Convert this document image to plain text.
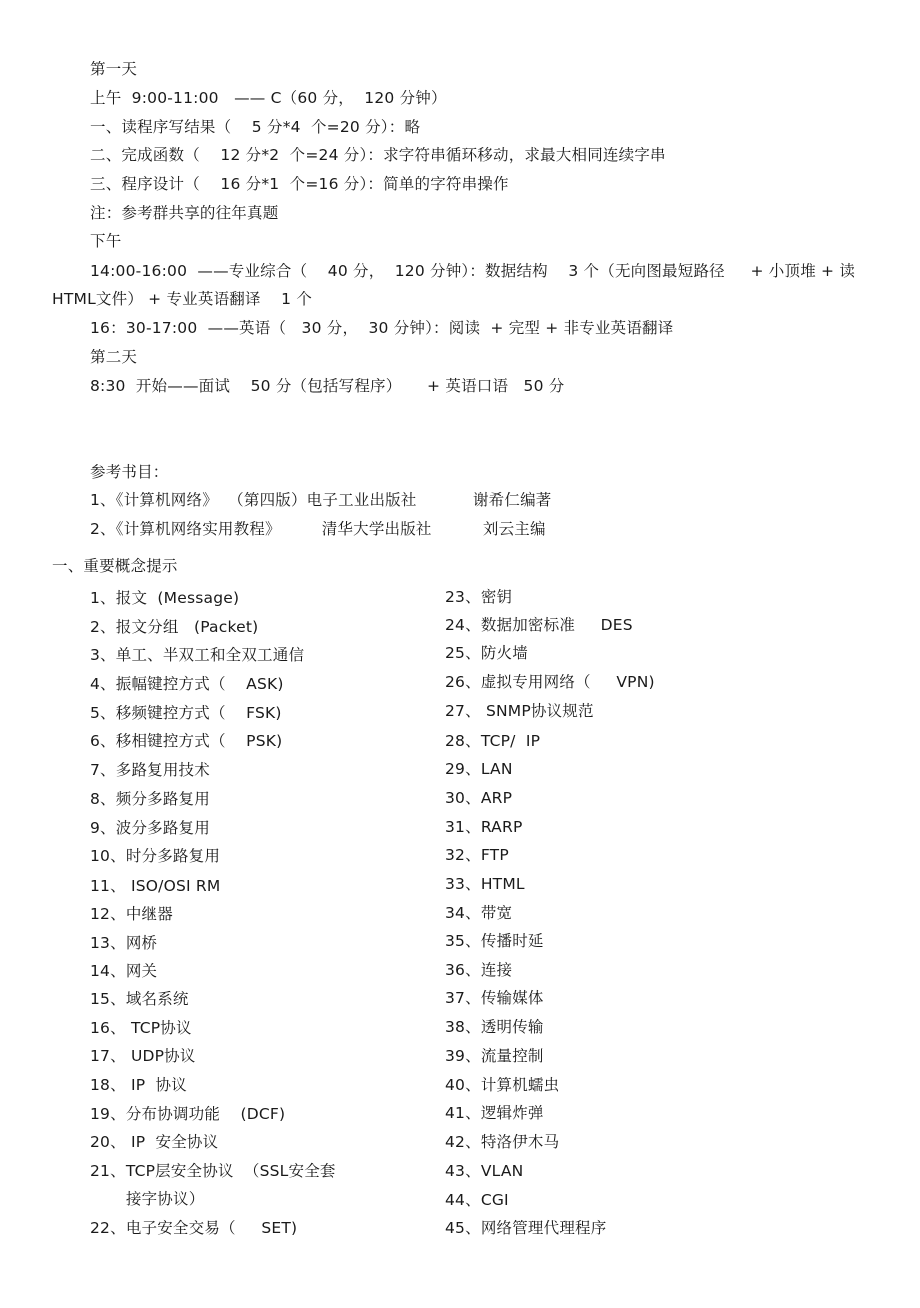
第一天
上午  9:00-11:00   —— C（60 分，  120 分钟）
一、读程序写结果（    5 分*4  个=20 分）：略
二、完成函数（    12 分*2  个=24 分）：求字符串循环移动，求最大相同连续字串
三、程序设计（    16 分*1  个=16 分）：简单的字符串操作
注：参考群共享的往年真题
下午
14:00-16:00  ——专业综合（    40 分，  120 分钟）：数据结构    3 个（无向图最短路径     + 小顶堆 + 读
HTML文件） + 专业英语翻译    1 个
16：30-17:00  ——英语（   30 分，  30 分钟）：阅读  + 完型 + 非专业英语翻译
第二天
8:30  开始——面试    50 分（包括写程序）     + 英语口语   50 分
参考书目：
1、《计算机网络》  （第四版）电子工业出版社           谢希仁编著
2、《计算机网络实用教程》        清华大学出版社          刘云主编
一、重要概念提示
1、报文  (Message)
2、报文分组   (Packet)
3、单工、半双工和全双工通信
4、振幅键控方式（    ASK)
5、移频键控方式（    FSK)
6、移相键控方式（    PSK)
7、多路复用技术
8、频分多路复用
9、波分多路复用
10、时分多路复用
11、 ISO/OSI RM
12、中继器
13、网桥
14、网关
15、域名系统
16、 TCP协议
17、 UDP协议
18、 IP  协议
19、分布协调功能    (DCF)
20、 IP  安全协议
21、TCP层安全协议  （SSL安全套
接字协议）
22、电子安全交易（     SET)
23、密钥
24、数据加密标准     DES
25、防火墙
26、虚拟专用网络（     VPN)
27、 SNMP协议规范
28、TCP/  IP
29、LAN
30、ARP
31、RARP
32、FTP
33、HTML
34、带宽
35、传播时延
36、连接
37、传输媒体
38、透明传输
39、流量控制
40、计算机蠕虫
41、逻辑炸弹
42、特洛伊木马
43、VLAN
44、CGI
45、网络管理代理程序
